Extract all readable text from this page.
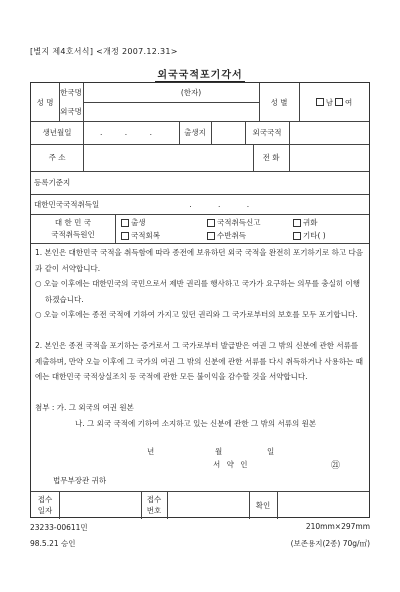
[별지 제4호서식] <개정 2007.12.31>
외국국적포기각서
성 명
한국명	(한자)
외국명
성 별	남 여
생년월일	. . .	출생지	외국국적
주 소	전 화
등록기준지
대한민국국적취득일	. . .
대 한 민 국
국적취득원인
출생	국적취득신고	귀화
국적회복	수반취득	기타( )
1. 본인은 대한민국 국적을 취득함에 따라 종전에 보유하던 외국 국적을 완전히 포기하기로 하고 다음과 같이 서약합니다.
○ 오늘 이후에는 대한민국의 국민으로서 제반 권리를 행사하고 국가가 요구하는 의무를 충실히 이행하겠습니다.
○ 오늘 이후에는 종전 국적에 기하여 가지고 있던 권리와 그 국가로부터의 보호를 모두 포기합니다.
2. 본인은 종전 국적을 포기하는 증거로서 그 국가로부터 발급받은 여권 그 밖의 신분에 관한 서류를 제출하며, 만약 오늘 이후에 그 국가의 여권 그 밖의 신분에 관한 서류를 다시 취득하거나 사용하는 때에는 대한민국 국적상실조치 등 국적에 관한 모든 불이익을 감수할 것을 서약합니다.
첨부 : 가. 그 외국의 여권 원본
나. 그 외국 국적에 기하여 소지하고 있는 신분에 관한 그 밖의 서류의 원본
년	월	일
서 약 인	㉑
법무부장관 귀하
접수
일자
접수
번호
확인
23233-00611민
98.5.21 승인
210mm×297mm
(보존용지(2종) 70g/㎡)
